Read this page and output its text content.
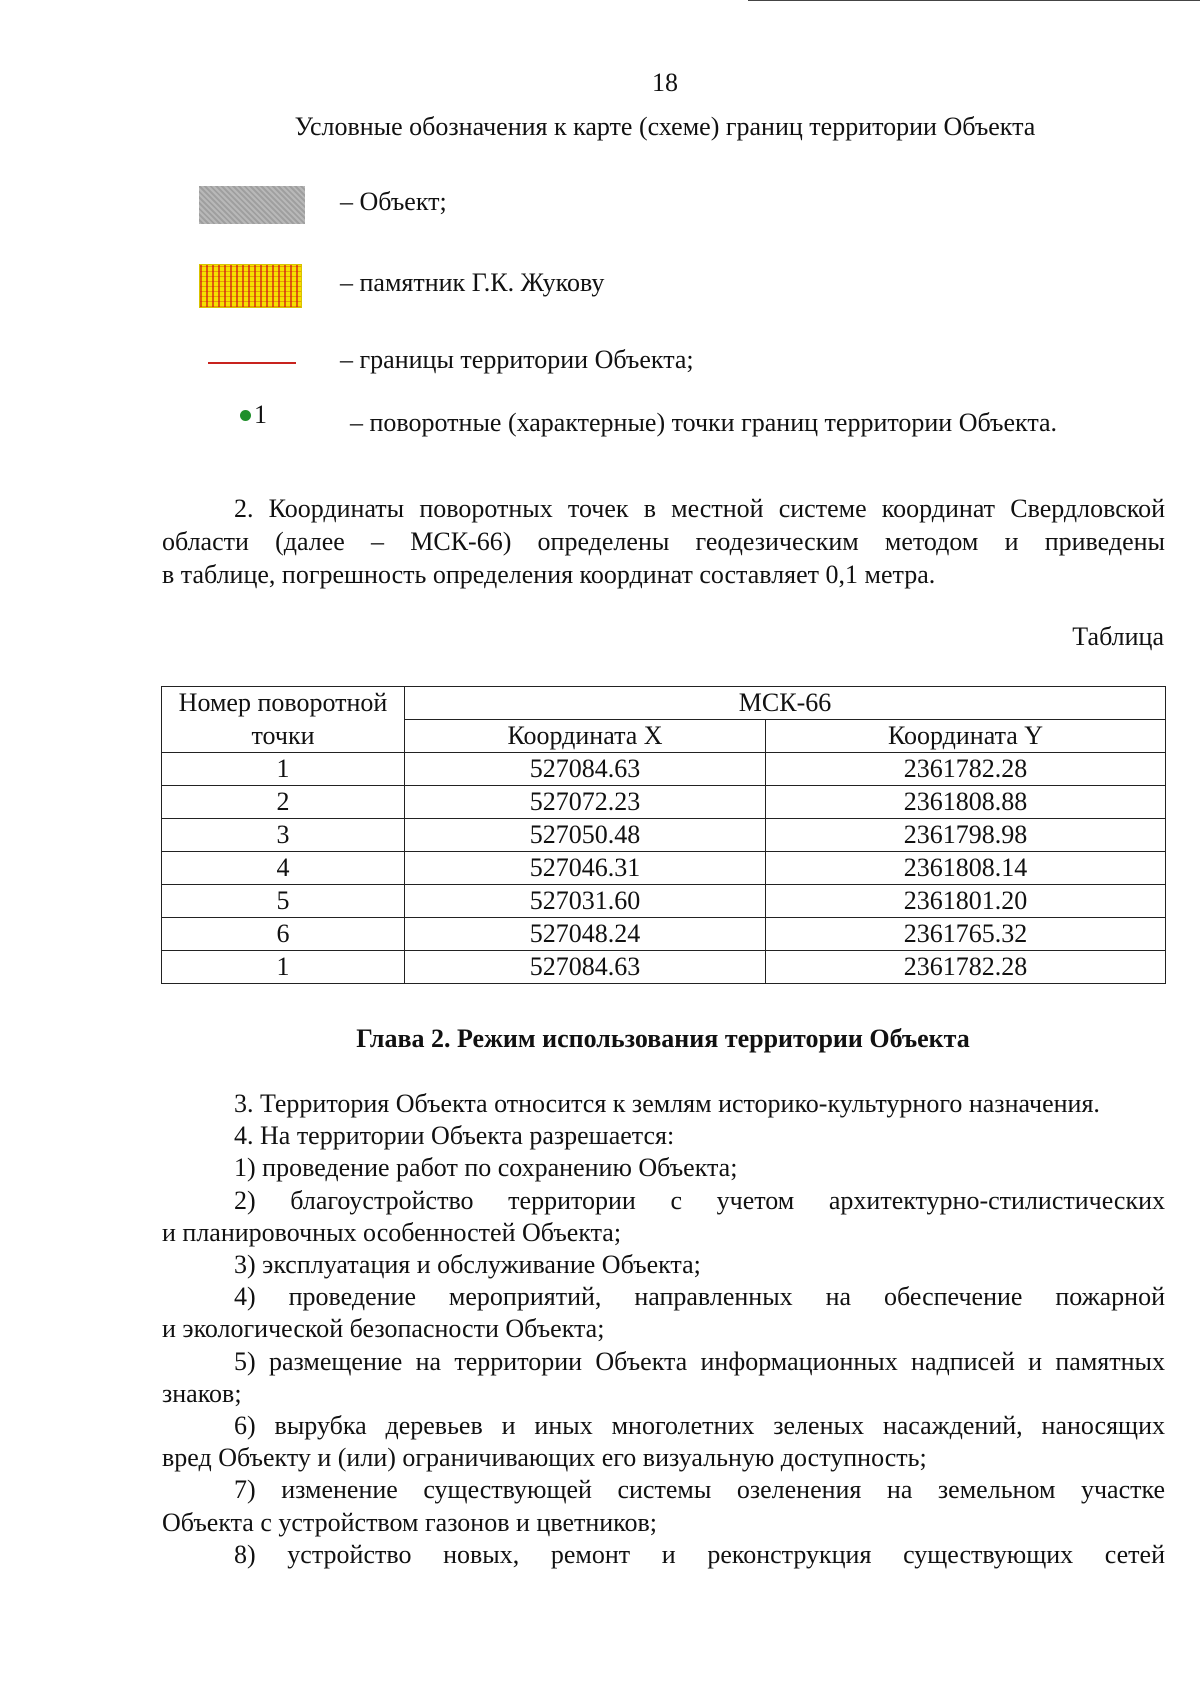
18
Условные обозначения к карте (схеме) границ территории Объекта
– Объект;
– памятник Г.К. Жукову
– границы территории Объекта;
1	– поворотные (характерные) точки границ территории Объекта.
2. Координаты поворотных точек в местной системе координат Свердловской
области (далее – МСК-66) определены геодезическим методом и приведены
в таблице, погрешность определения координат составляет 0,1 метра.
Таблица
Номер поворотной	МСК-66	
точки	Координата X	Координата Y
1	527084.63	2361782.28
2	527072.23	2361808.88
3	527050.48	2361798.98
4	527046.31	2361808.14
5	527031.60	2361801.20
6	527048.24	2361765.32
1	527084.63	2361782.28
Глава 2. Режим использования территории Объекта
3. Территория Объекта относится к землям историко-культурного назначения.
4. На территории Объекта разрешается:
1) проведение работ по сохранению Объекта;
2) благоустройство территории с учетом архитектурно-стилистических
и планировочных особенностей Объекта;
3) эксплуатация и обслуживание Объекта;
4) проведение мероприятий, направленных на обеспечение пожарной
и экологической безопасности Объекта;
5) размещение на территории Объекта информационных надписей и памятных
знаков;
6) вырубка деревьев и иных многолетних зеленых насаждений, наносящих
вред Объекту и (или) ограничивающих его визуальную доступность;
7) изменение существующей системы озеленения на земельном участке
Объекта с устройством газонов и цветников;
8) устройство новых, ремонт и реконструкция существующих сетей
